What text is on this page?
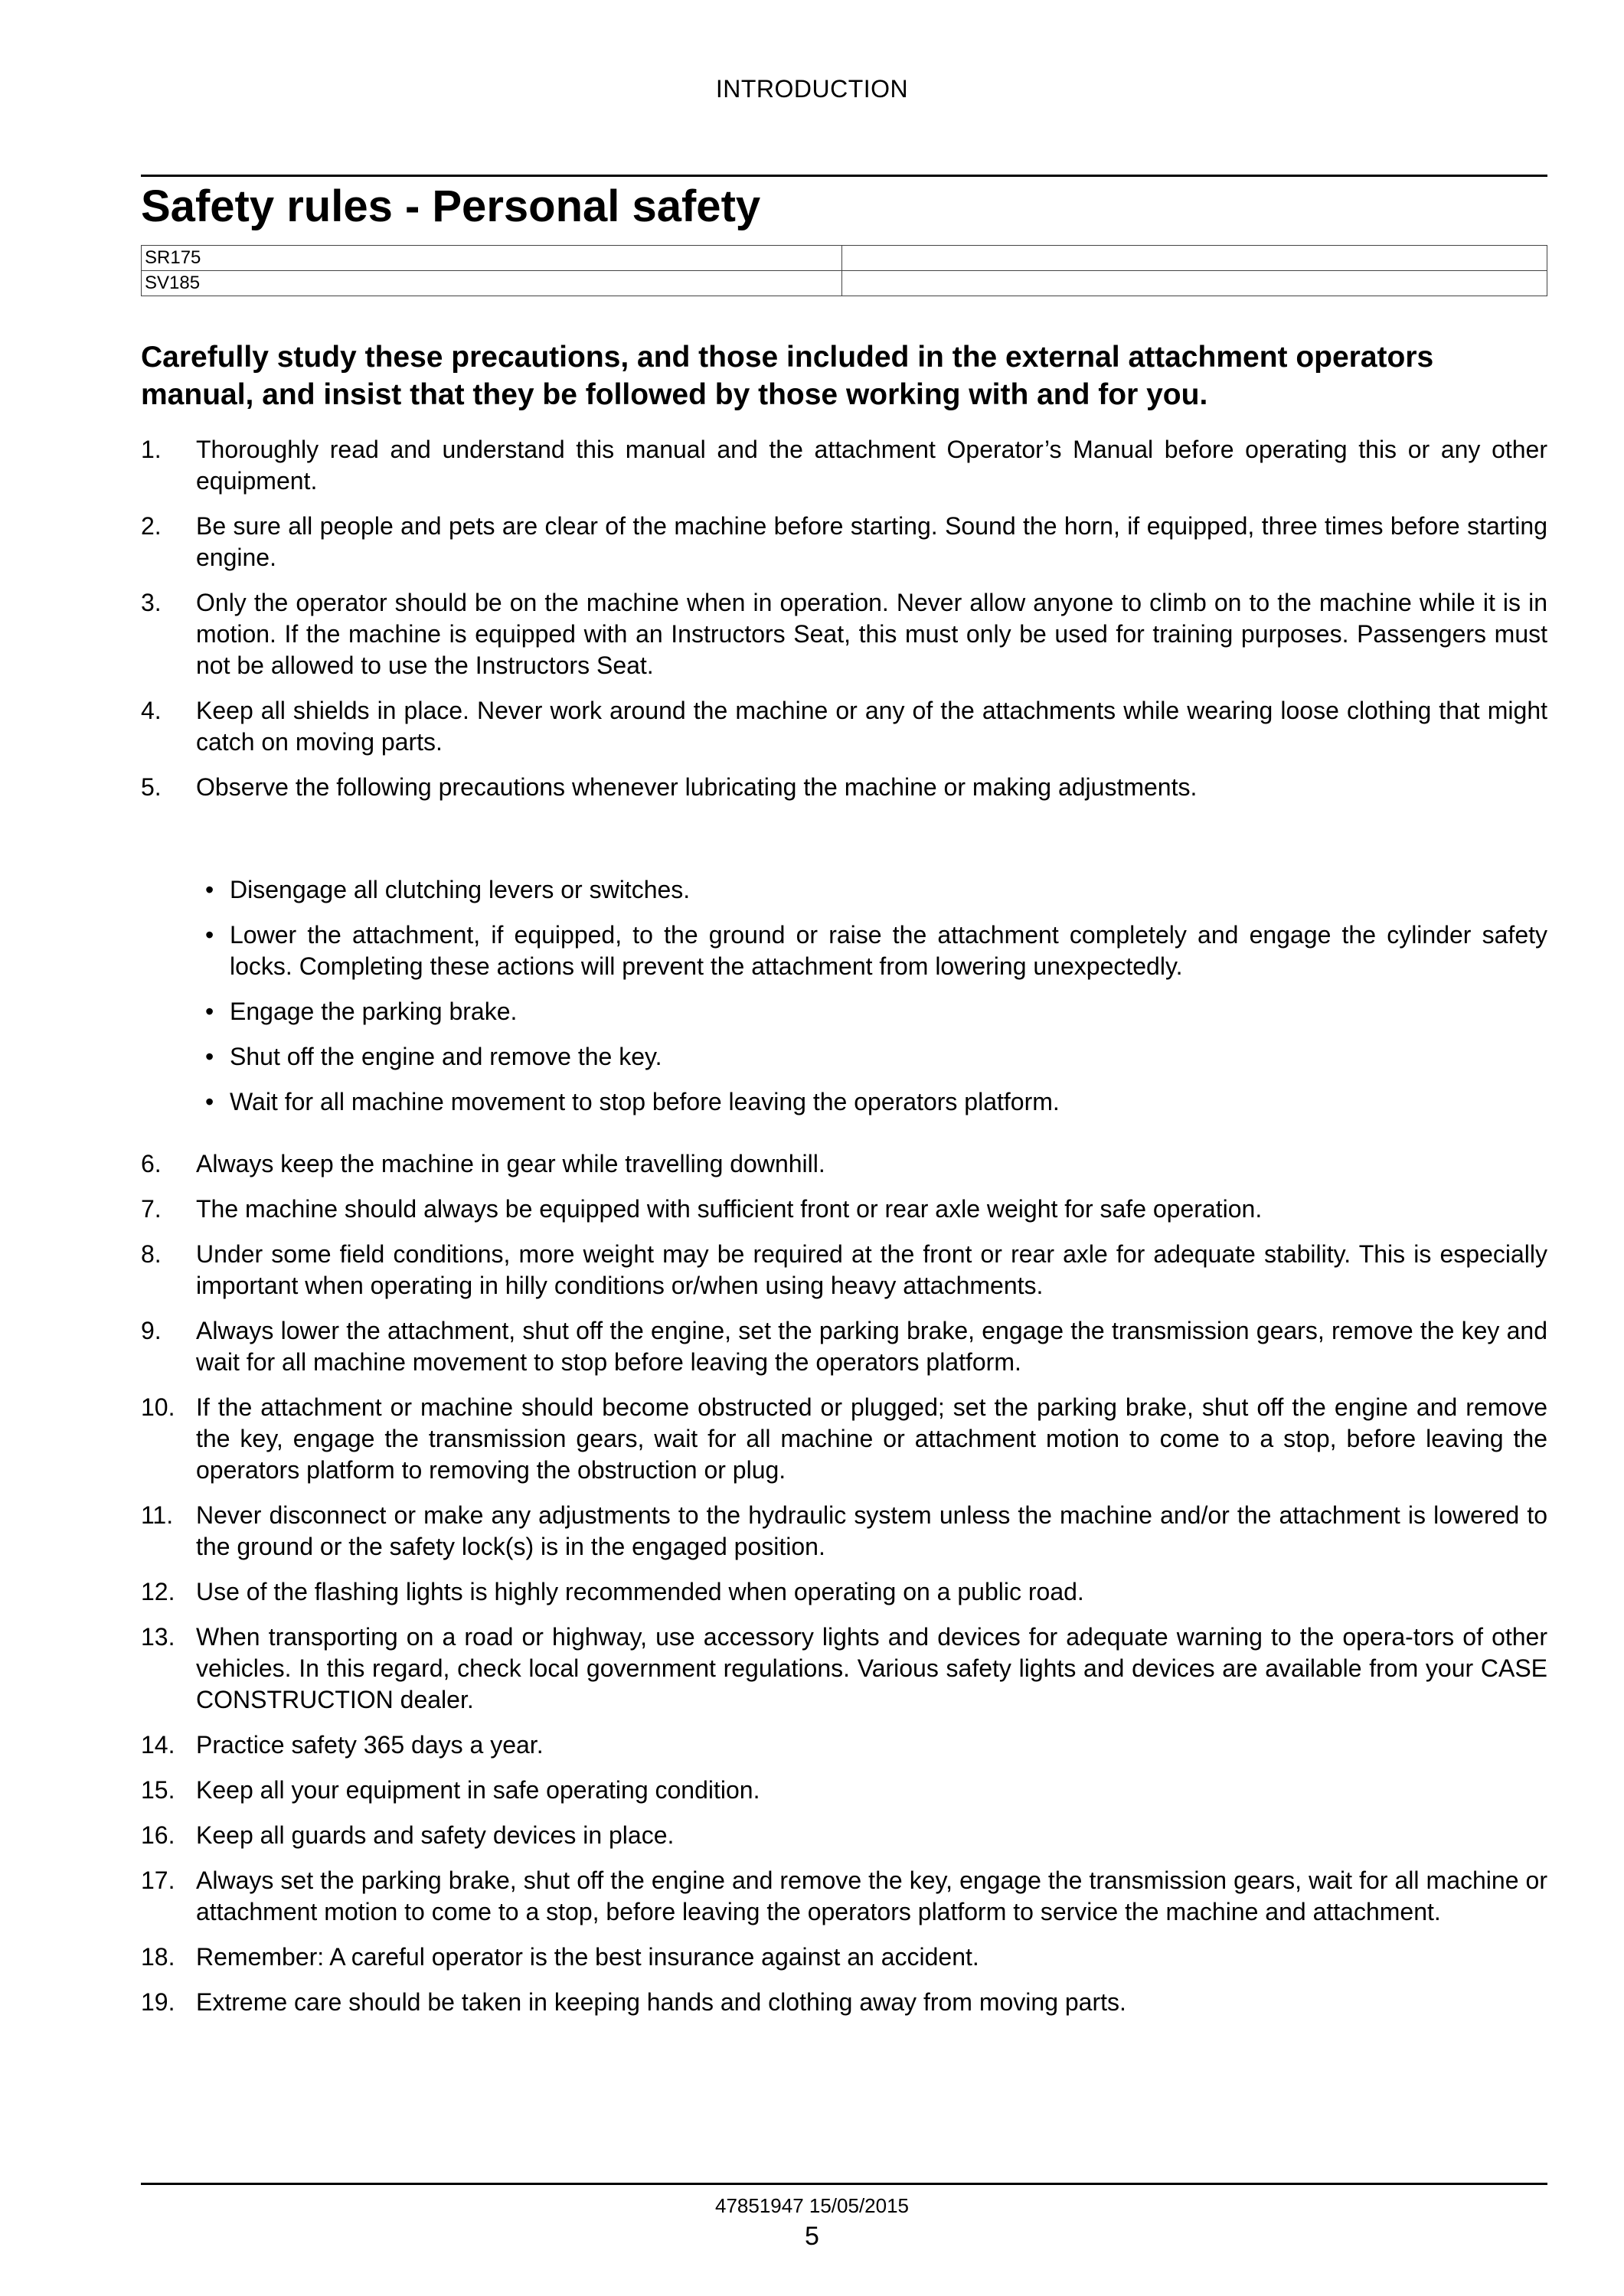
INTRODUCTION
Safety rules - Personal safety
SR175	
SV185	

Carefully study these precautions, and those included in the external attachment operators manual, and insist that they be followed by those working with and for you.

1.	Thoroughly read and understand this manual and the attachment Operator’s Manual before operating this or any other equipment.
2.	Be sure all people and pets are clear of the machine before starting. Sound the horn, if equipped, three times before starting engine.
3.	Only the operator should be on the machine when in operation. Never allow anyone to climb on to the machine while it is in motion. If the machine is equipped with an Instructors Seat, this must only be used for training purposes. Passengers must not be allowed to use the Instructors Seat.
4.	Keep all shields in place. Never work around the machine or any of the attachments while wearing loose clothing that might catch on moving parts.
5.	Observe the following precautions whenever lubricating the machine or making adjustments.
• Disengage all clutching levers or switches.
• Lower the attachment, if equipped, to the ground or raise the attachment completely and engage the cylinder safety locks. Completing these actions will prevent the attachment from lowering unexpectedly.
• Engage the parking brake.
• Shut off the engine and remove the key.
• Wait for all machine movement to stop before leaving the operators platform.
6.	Always keep the machine in gear while travelling downhill.
7.	The machine should always be equipped with sufficient front or rear axle weight for safe operation.
8.	Under some field conditions, more weight may be required at the front or rear axle for adequate stability. This is especially important when operating in hilly conditions or/when using heavy attachments.
9.	Always lower the attachment, shut off the engine, set the parking brake, engage the transmission gears, remove the key and wait for all machine movement to stop before leaving the operators platform.
10. If the attachment or machine should become obstructed or plugged; set the parking brake, shut off the engine and remove the key, engage the transmission gears, wait for all machine or attachment motion to come to a stop, before leaving the operators platform to removing the obstruction or plug.
11. Never disconnect or make any adjustments to the hydraulic system unless the machine and/or the attachment is lowered to the ground or the safety lock(s) is in the engaged position.
12. Use of the flashing lights is highly recommended when operating on a public road.
13. When transporting on a road or highway, use accessory lights and devices for adequate warning to the opera-tors of other vehicles. In this regard, check local government regulations. Various safety lights and devices are available from your CASE CONSTRUCTION dealer.
14. Practice safety 365 days a year.
15. Keep all your equipment in safe operating condition.
16. Keep all guards and safety devices in place.
17. Always set the parking brake, shut off the engine and remove the key, engage the transmission gears, wait for all machine or attachment motion to come to a stop, before leaving the operators platform to service the machine and attachment.
18. Remember: A careful operator is the best insurance against an accident.
19. Extreme care should be taken in keeping hands and clothing away from moving parts.
47851947 15/05/2015
5
